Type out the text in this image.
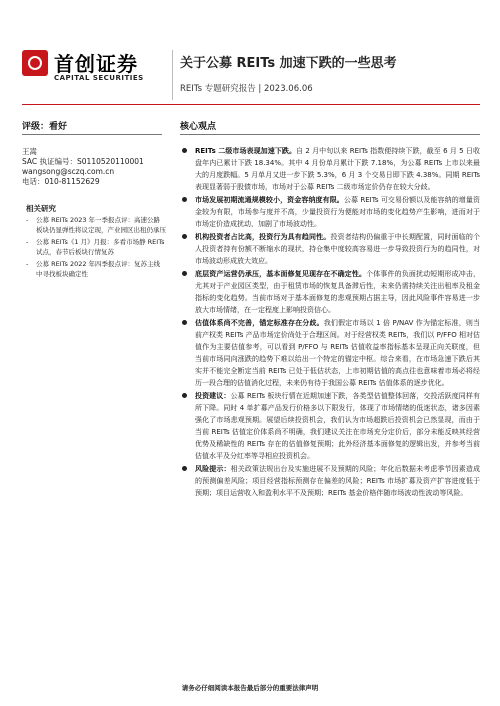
首创证券
CAPITAL SECURITIES
关于公募 REITs 加速下跌的一些思考
REITs 专题研究报告 | 2023.06.06
评级：看好	核心观点
王嵩
SAC 执证编号：S0110520110001
wangsong@sczq.com.cn
电话：010-81152629
相关研究
- 公募 REITs 2023 年一季报点评：高速公路板块仍显弹性将议定现，产业园区出租仍承压
- 公募 REITs《1 月》月报：多看市场静 REITs 试点，春节后板块行情复苏
- 公募 REITs 2022 年四季报点评：复苏主线中寻找板块确定性
REITs 二级市场表现加速下跌。自 2 月中旬以来 REITs 指数便持续下跌，截至 6 月 5 日收盘年内已累计下跌 18.34%。其中 4 月份单月累计下跌 7.18%，为公募 REITs 上市以来最大的月度跌幅。5 月单月又进一步下跌 5.3%，6 月 3 个交易日即下跌 4.38%。同期 REITs 表现显著弱于股债市场，市场对于公募 REITs 二级市场定价仍存在较大分歧。
市场发展初期流通规模较小，资金容纳度有限。公募 REITs 可交易份额以及能容纳的增量资金较为有限，市场参与度并不高，少量投资行为便能对市场的变化趋势产生影响，进而对于市场定价造成扰动，加剧了市场波动性。
机构投资者占比高，投资行为具有趋同性。投资者结构仍偏重于中长期配置，同时面临的个人投资者持有份额不断缩水的现状，持仓集中度较高容易进一步导致投资行为的趋同性，对市场波动形成放大效应。
底层资产运营仍承压，基本面修复见现存在不确定性。个体事件的负面扰动短期形成冲击，尤其对于产业园区类型，由于租赁市场的恢复具备滞后性，未来仍需持续关注出租率及租金指标的变化趋势。当前市场对于基本面修复的悲观预期占据主导，因此风险事件容易进一步放大市场情绪，在一定程度上影响投资信心。
估值体系尚不完善，锚定标准存在分歧。我们假定市场以 1 倍 P/NAV 作为锚定标准，则当前产权类 REITs 产品市场定价尚处于合理区间。对于经营权类 REITs，我们以 P/FFO 相对估值作为主要估值参考，可以看到 P/FFO 与 REITs 估值收益率指标基本呈现正向关联度，但当前市场同向涨跌的趋势下难以给出一个特定的锚定中枢。综合来看，在市场急速下跌后其实并不能完全断定当前 REITs 已处于低估状态，上市初期估值的高点往也意味着市场必将经历一段合理的估值消化过程，未来仍有待于我国公募 REITs 估值体系的逐步优化。
投资建议：公募 REITs 板块行情在近期加速下跌，各类型估值整体回落，交投活跃度同样有所下降。同时 4 单扩募产品发行价格多以下限发行，体现了市场情绪的低迷状态，诸多因素强化了市场悲观预期。展望后续投资机会，我们认为市场超跌后投资机会已然显现，而由于当前 REITs 估值定价体系尚不明确，我们建议关注在市场充分定价后，部分未能反映其经营优势及稀缺性的 REITs 存在的估值修复预期；此外经济基本面修复的逻辑出发，并参考当前估值水平及分红率等寻相应投资机会。
风险提示：相关政策法规出台及实施进展不及预期的风险；年化后数据未考虑季节因素造成的预测偏差风险；项目经营指标预测存在偏差的风险；REITs 市场扩募及资产扩容进度低于预期；项目运营收入和盈利水平不及预期；REITs 基金价格伴随市场波动性波动等风险。
请务必仔细阅读本报告最后部分的重要法律声明
